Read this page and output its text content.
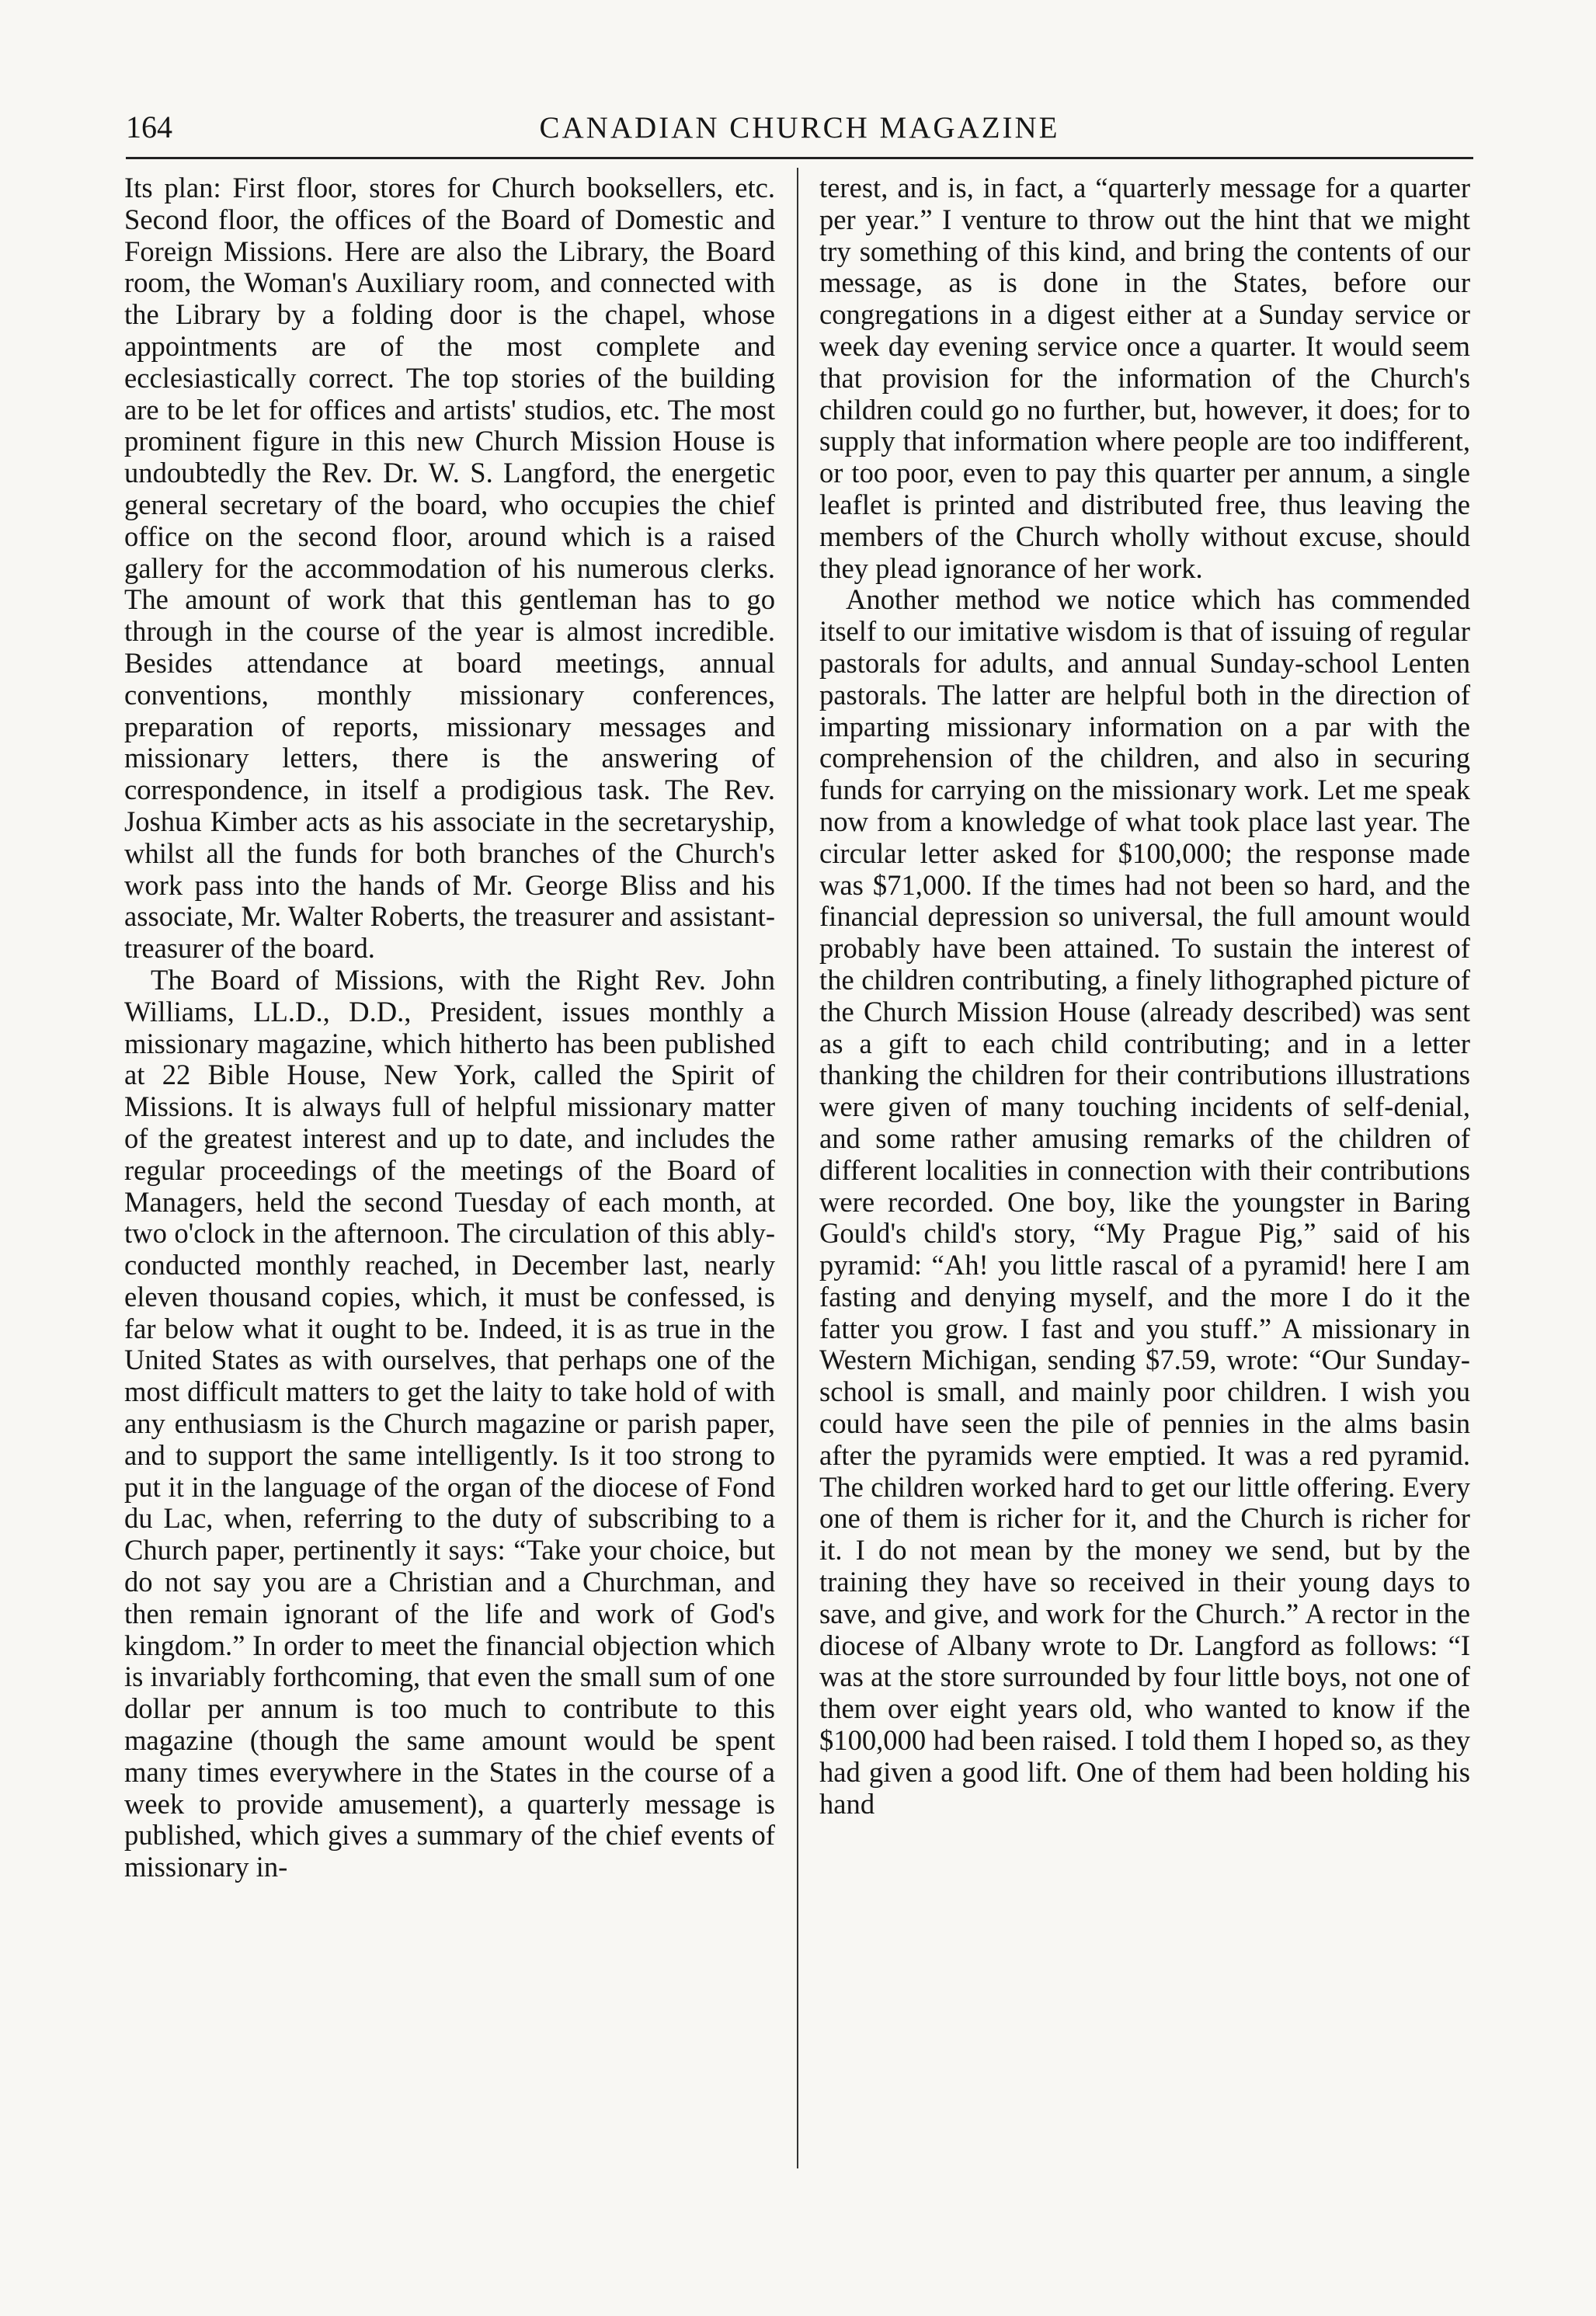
164	CANADIAN CHURCH MAGAZINE

Its plan: First floor, stores for Church booksellers, etc. Second floor, the offices of the Board of Domestic and Foreign Missions. Here are also the Library, the Board room, the Woman's Auxiliary room, and connected with the Library by a folding door is the chapel, whose appointments are of the most complete and ecclesiastically correct. The top stories of the building are to be let for offices and artists' studios, etc. The most prominent figure in this new Church Mission House is undoubtedly the Rev. Dr. W. S. Langford, the energetic general secretary of the board, who occupies the chief office on the second floor, around which is a raised gallery for the accommodation of his numerous clerks. The amount of work that this gentleman has to go through in the course of the year is almost incredible. Besides attendance at board meetings, annual conventions, monthly missionary conferences, preparation of reports, missionary messages and missionary letters, there is the answering of correspondence, in itself a prodigious task. The Rev. Joshua Kimber acts as his associate in the secretaryship, whilst all the funds for both branches of the Church's work pass into the hands of Mr. George Bliss and his associate, Mr. Walter Roberts, the treasurer and assistant-treasurer of the board.

The Board of Missions, with the Right Rev. John Williams, LL.D., D.D., President, issues monthly a missionary magazine, which hitherto has been published at 22 Bible House, New York, called the Spirit of Missions. It is always full of helpful missionary matter of the greatest interest and up to date, and includes the regular proceedings of the meetings of the Board of Managers, held the second Tuesday of each month, at two o'clock in the afternoon. The circulation of this ably-conducted monthly reached, in December last, nearly eleven thousand copies, which, it must be confessed, is far below what it ought to be. Indeed, it is as true in the United States as with ourselves, that perhaps one of the most difficult matters to get the laity to take hold of with any enthusiasm is the Church magazine or parish paper, and to support the same intelligently. Is it too strong to put it in the language of the organ of the diocese of Fond du Lac, when, referring to the duty of subscribing to a Church paper, pertinently it says: “Take your choice, but do not say you are a Christian and a Churchman, and then remain ignorant of the life and work of God's kingdom.” In order to meet the financial objection which is invariably forthcoming, that even the small sum of one dollar per annum is too much to contribute to this magazine (though the same amount would be spent many times everywhere in the States in the course of a week to provide amusement), a quarterly message is published, which gives a summary of the chief events of missionary in-

terest, and is, in fact, a “quarterly message for a quarter per year.” I venture to throw out the hint that we might try something of this kind, and bring the contents of our message, as is done in the States, before our congregations in a digest either at a Sunday service or week day evening service once a quarter. It would seem that provision for the information of the Church's children could go no further, but, however, it does; for to supply that information where people are too indifferent, or too poor, even to pay this quarter per annum, a single leaflet is printed and distributed free, thus leaving the members of the Church wholly without excuse, should they plead ignorance of her work.

Another method we notice which has commended itself to our imitative wisdom is that of issuing of regular pastorals for adults, and annual Sunday-school Lenten pastorals. The latter are helpful both in the direction of imparting missionary information on a par with the comprehension of the children, and also in securing funds for carrying on the missionary work. Let me speak now from a knowledge of what took place last year. The circular letter asked for $100,000; the response made was $71,000. If the times had not been so hard, and the financial depression so universal, the full amount would probably have been attained. To sustain the interest of the children contributing, a finely lithographed picture of the Church Mission House (already described) was sent as a gift to each child contributing; and in a letter thanking the children for their contributions illustrations were given of many touching incidents of self-denial, and some rather amusing remarks of the children of different localities in connection with their contributions were recorded. One boy, like the youngster in Baring Gould's child's story, “My Prague Pig,” said of his pyramid: “Ah! you little rascal of a pyramid! here I am fasting and denying myself, and the more I do it the fatter you grow. I fast and you stuff.” A missionary in Western Michigan, sending $7.59, wrote: “Our Sunday-school is small, and mainly poor children. I wish you could have seen the pile of pennies in the alms basin after the pyramids were emptied. It was a red pyramid. The children worked hard to get our little offering. Every one of them is richer for it, and the Church is richer for it. I do not mean by the money we send, but by the training they have so received in their young days to save, and give, and work for the Church.” A rector in the diocese of Albany wrote to Dr. Langford as follows: “I was at the store surrounded by four little boys, not one of them over eight years old, who wanted to know if the $100,000 had been raised. I told them I hoped so, as they had given a good lift. One of them had been holding his hand
